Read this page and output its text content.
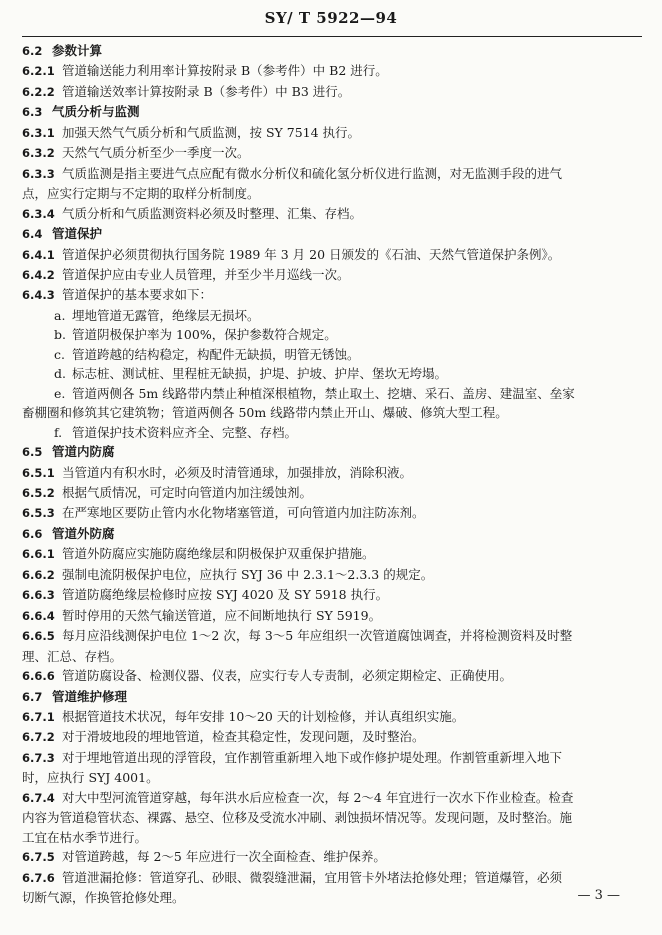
SY/ T 5922—94
6.2 参数计算
6.2.1 管道输送能力利用率计算按附录 B（参考件）中 B2 进行。
6.2.2 管道输送效率计算按附录 B（参考件）中 B3 进行。
6.3 气质分析与监测
6.3.1 加强天然气气质分析和气质监测，按 SY 7514 执行。
6.3.2 天然气气质分析至少一季度一次。
6.3.3 气质监测是指主要进气点应配有微水分析仪和硫化氢分析仪进行监测，对无监测手段的进气
点，应实行定期与不定期的取样分析制度。
6.3.4 气质分析和气质监测资料必须及时整理、汇集、存档。
6.4 管道保护
6.4.1 管道保护必须贯彻执行国务院 1989 年 3 月 20 日颁发的《石油、天然气管道保护条例》。
6.4.2 管道保护应由专业人员管理，并至少半月巡线一次。
6.4.3 管道保护的基本要求如下：
a. 埋地管道无露管，绝缘层无损坏。
b. 管道阴极保护率为 100%，保护参数符合规定。
c. 管道跨越的结构稳定，构配件无缺损，明管无锈蚀。
d. 标志桩、测试桩、里程桩无缺损，护堤、护坡、护岸、堡坎无垮塌。
e. 管道两侧各 5m 线路带内禁止种植深根植物，禁止取土、挖塘、采石、盖房、建温室、垒家
畜棚圈和修筑其它建筑物；管道两侧各 50m 线路带内禁止开山、爆破、修筑大型工程。
f. 管道保护技术资料应齐全、完整、存档。
6.5 管道内防腐
6.5.1 当管道内有积水时，必须及时清管通球，加强排放，消除积液。
6.5.2 根据气质情况，可定时向管道内加注缓蚀剂。
6.5.3 在严寒地区要防止管内水化物堵塞管道，可向管道内加注防冻剂。
6.6 管道外防腐
6.6.1 管道外防腐应实施防腐绝缘层和阴极保护双重保护措施。
6.6.2 强制电流阴极保护电位，应执行 SYJ 36 中 2.3.1～2.3.3 的规定。
6.6.3 管道防腐绝缘层检修时应按 SYJ 4020 及 SY 5918 执行。
6.6.4 暂时停用的天然气输送管道，应不间断地执行 SY 5919。
6.6.5 每月应沿线测保护电位 1～2 次，每 3～5 年应组织一次管道腐蚀调查，并将检测资料及时整
理、汇总、存档。
6.6.6 管道防腐设备、检测仪器、仪表，应实行专人专责制，必须定期检定、正确使用。
6.7 管道维护修理
6.7.1 根据管道技术状况，每年安排 10～20 天的计划检修，并认真组织实施。
6.7.2 对于滑坡地段的埋地管道，检查其稳定性，发现问题，及时整治。
6.7.3 对于埋地管道出现的浮管段，宜作割管重新埋入地下或作修护堤处理。作割管重新埋入地下
时，应执行 SYJ 4001。
6.7.4 对大中型河流管道穿越，每年洪水后应检查一次，每 2～4 年宜进行一次水下作业检查。检查
内容为管道稳管状态、裸露、悬空、位移及受流水冲刷、剥蚀损坏情况等。发现问题，及时整治。施
工宜在枯水季节进行。
6.7.5 对管道跨越，每 2～5 年应进行一次全面检查、维护保养。
6.7.6 管道泄漏抢修：管道穿孔、砂眼、微裂缝泄漏，宜用管卡外堵法抢修处理；管道爆管，必须
切断气源，作换管抢修处理。	— 3 —
